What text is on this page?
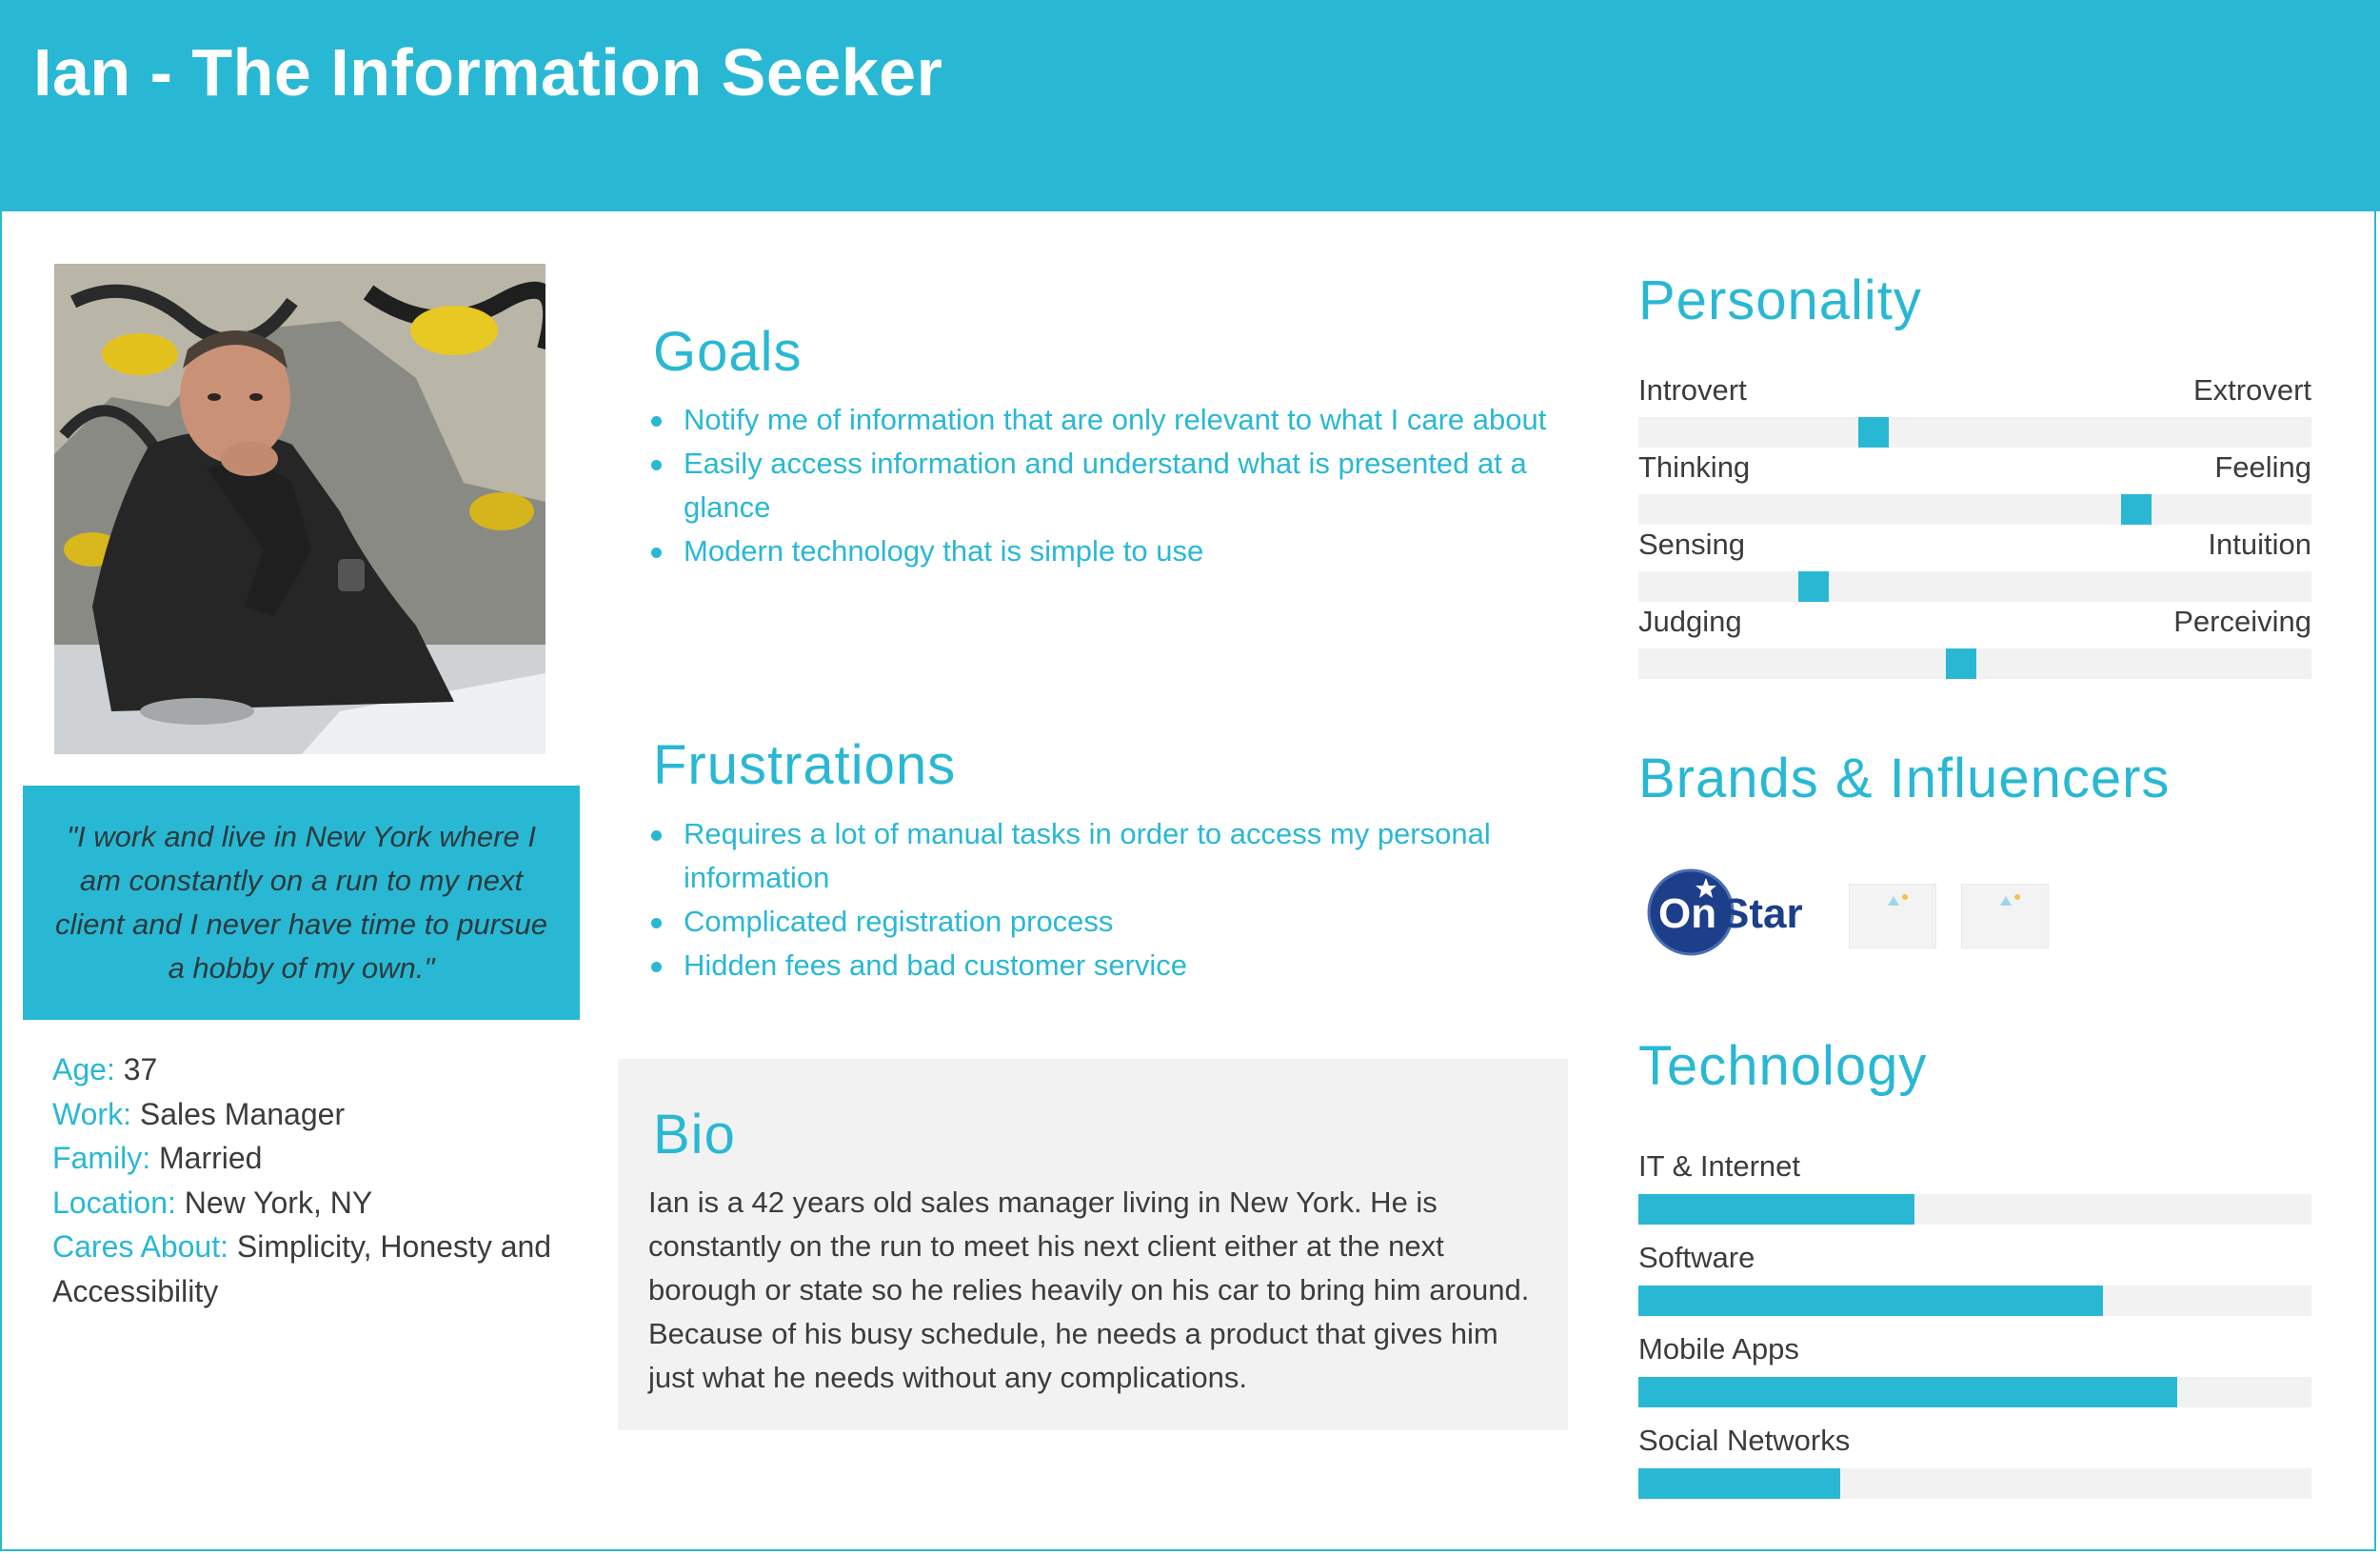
Ian - The Information Seeker

"I work and live in New York where I am constantly on a run to my next client and I never have time to pursue a hobby of my own."

Age: 37
Work: Sales Manager
Family: Married
Location: New York, NY
Cares About: Simplicity, Honesty and Accessibility
Goals
Notify me of information that are only relevant to what I care about
Easily access information and understand what is presented at a glance
Modern technology that is simple to use
Frustrations
Requires a lot of manual tasks in order to access my personal information
Complicated registration process
Hidden fees and bad customer service
Bio

Ian is a 42 years old sales manager living in New York. He is constantly on the run to meet his next client either at the next borough or state so he relies heavily on his car to bring him around. Because of his busy schedule, he needs a product that gives him just what he needs without any complications.

Personality
Introvert	Extrovert
Thinking	Feeling
Sensing	Intuition
Judging	Perceiving
Brands & Influencers
On Star
Technology
IT & Internet
Software
Mobile Apps
Social Networks
